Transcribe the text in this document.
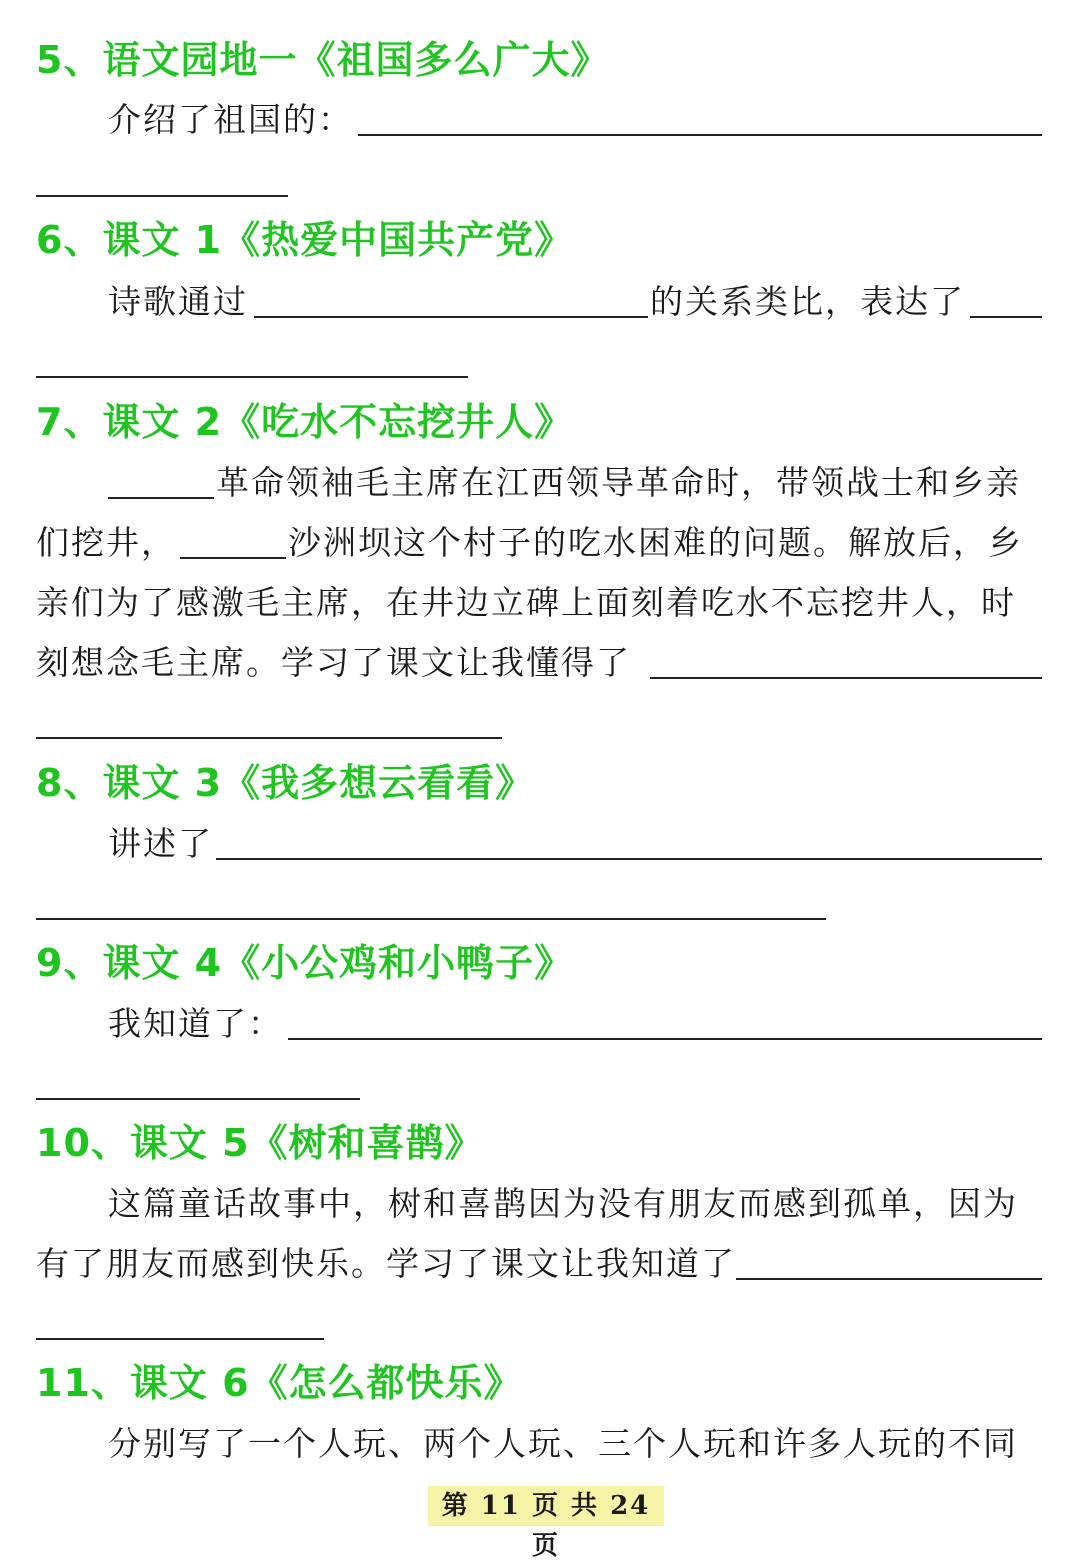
5、语文园地一《祖国多么广大》
介绍了祖国的：
6、课文 1《热爱中国共产党》
诗歌通过	的关系类比，表达了
7、课文 2《吃水不忘挖井人》
革命领袖毛主席在江西领导革命时，带领战士和乡亲
们挖井，	沙洲坝这个村子的吃水困难的问题。解放后，乡
亲们为了感激毛主席，在井边立碑上面刻着吃水不忘挖井人，时
刻想念毛主席。学习了课文让我懂得了
8、课文 3《我多想云看看》
讲述了
9、课文 4《小公鸡和小鸭子》
我知道了：
10、课文 5《树和喜鹊》
这篇童话故事中，树和喜鹊因为没有朋友而感到孤单，因为
有了朋友而感到快乐。学习了课文让我知道了
11、课文 6《怎么都快乐》
分别写了一个人玩、两个人玩、三个人玩和许多人玩的不同
第 11 页 共 24 页
